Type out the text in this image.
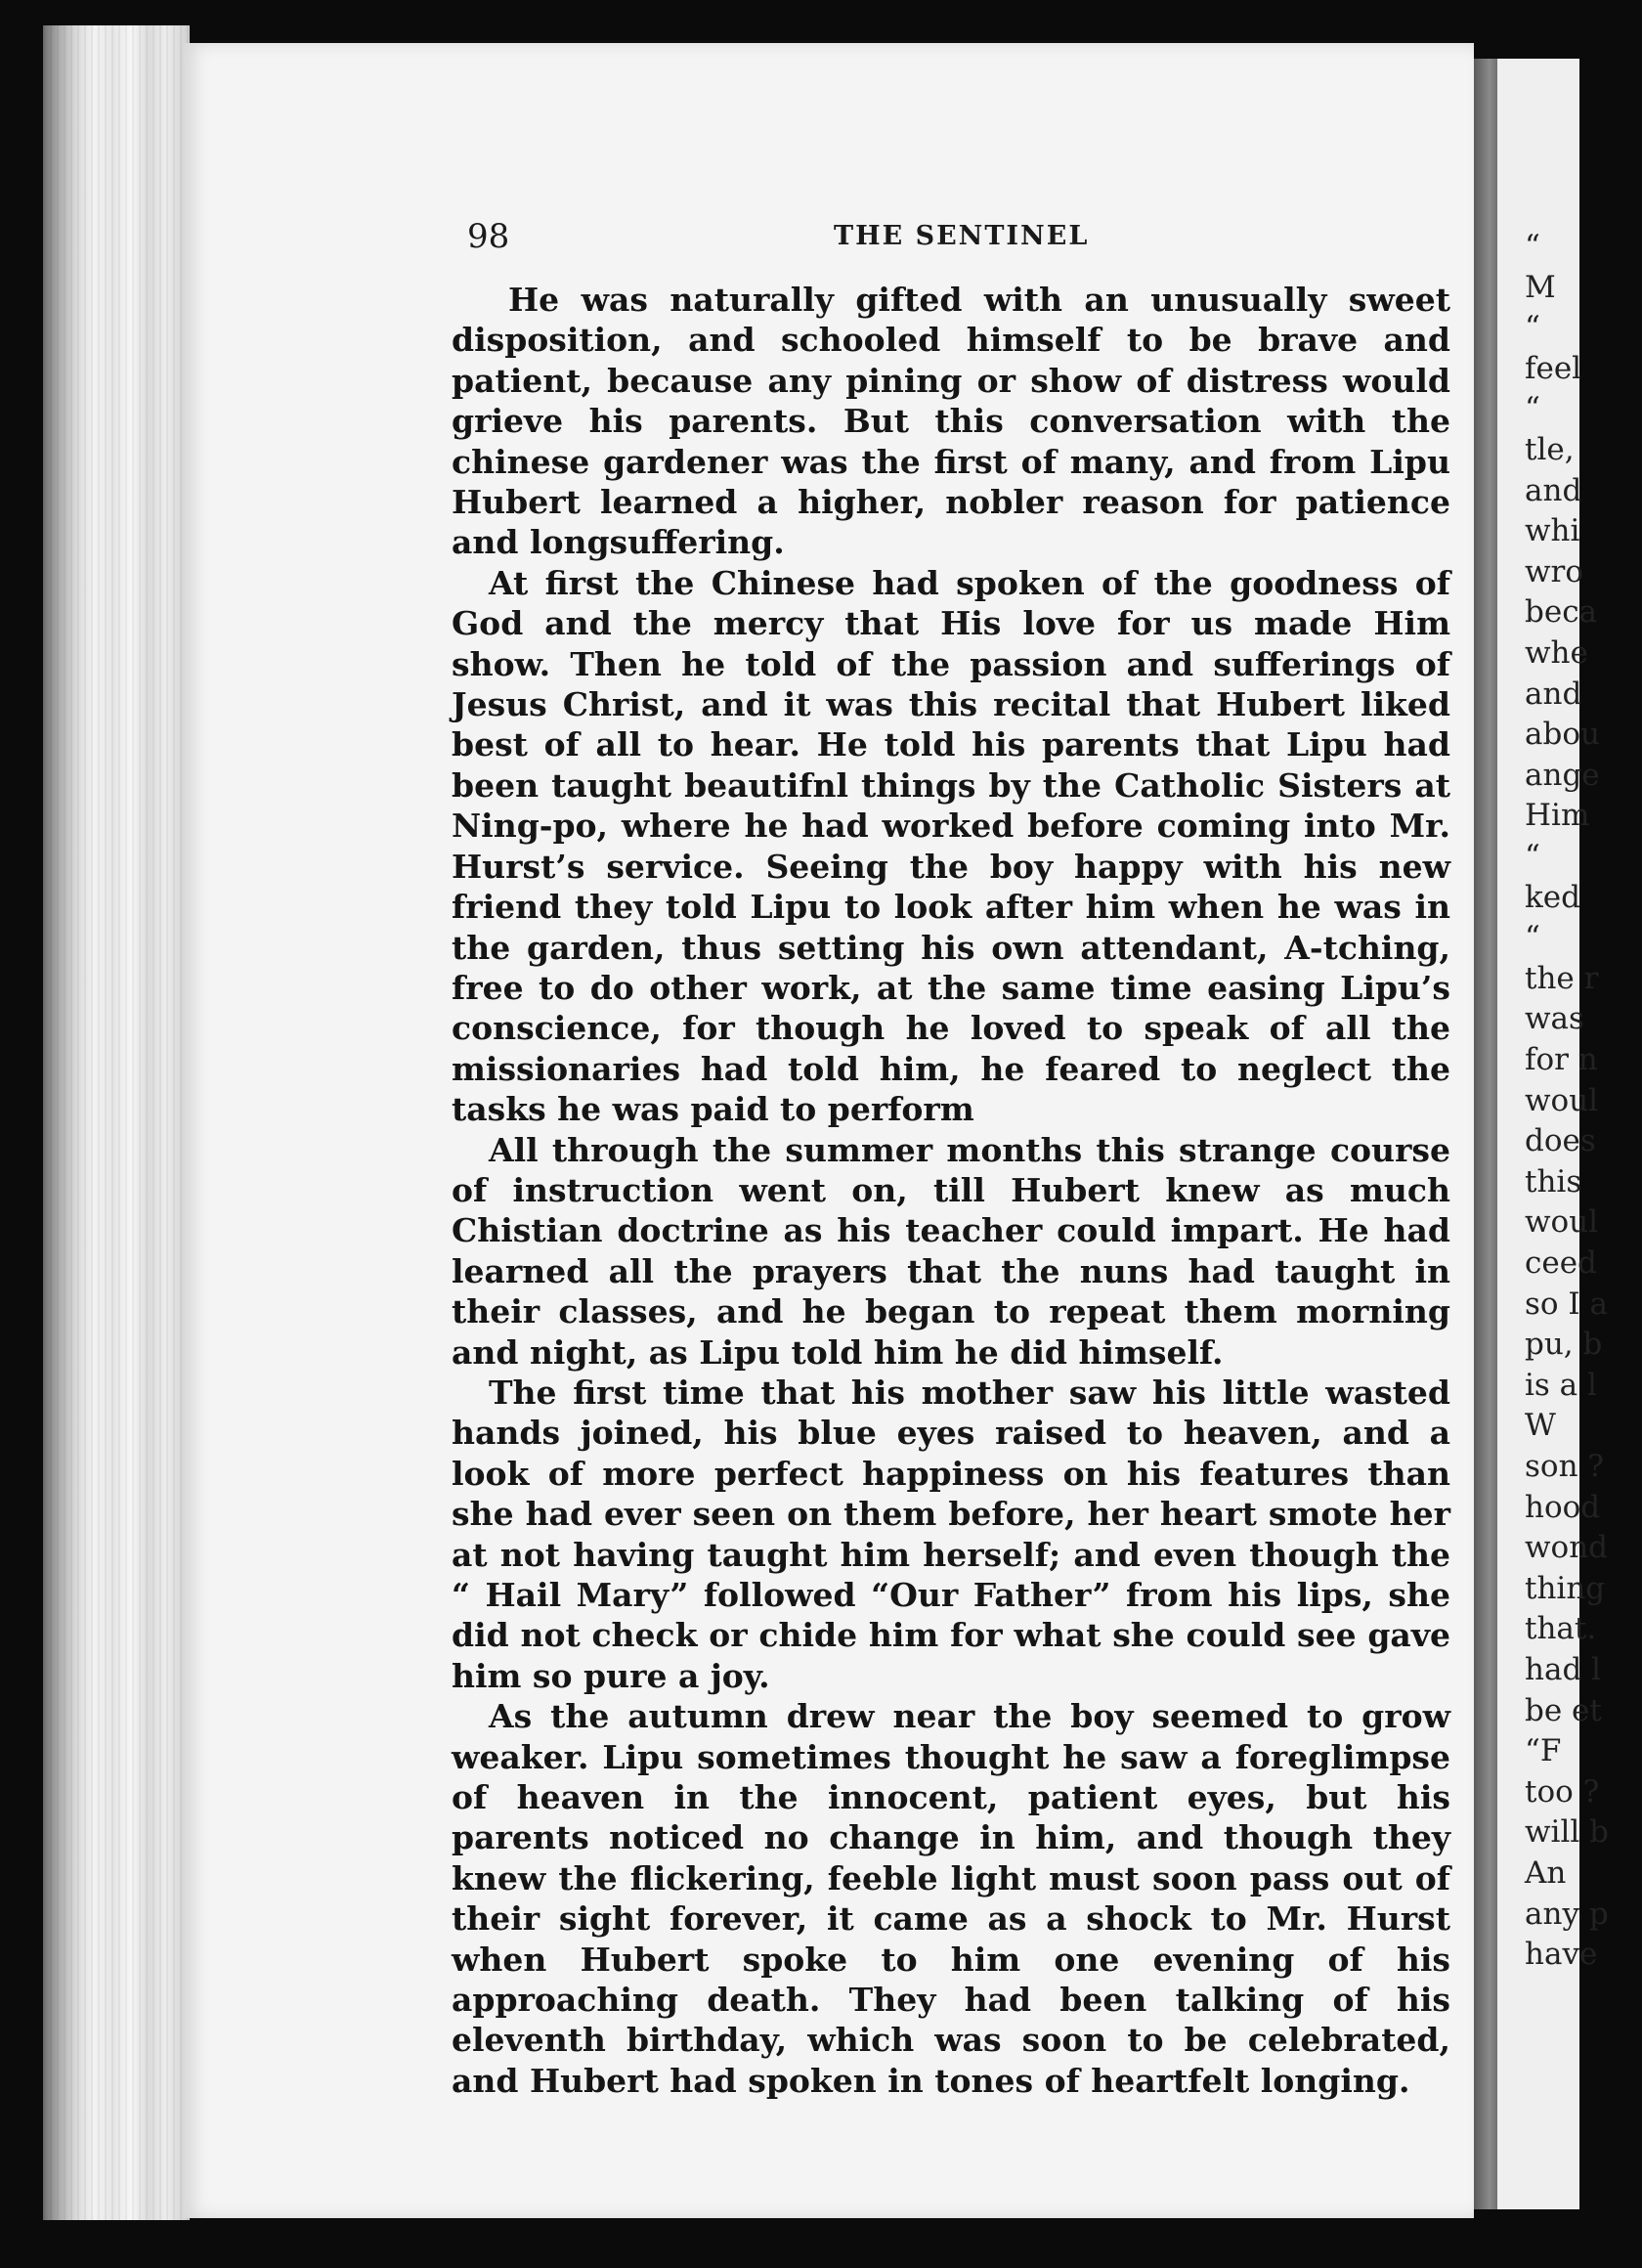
“
M
“
feel
“
tle,
and
whi
wro
beca
whe
and
abou
ange
Him
“
ked
“
the r
was
for n
woul
does
this
woul
ceed
so I a
pu, b
is a l
W
son ?
hood
wond
thing
that.
had l
be et
“F
too ?
will b
An
any p
have
98	THE SENTINEL

He was naturally gifted with an unusually sweet disposition, and schooled himself to be brave and patient, because any pining or show of distress would grieve his parents. But this conversation with the chinese gardener was the first of many, and from Lipu Hubert learned a higher, nobler reason for patience and longsuffering.

At first the Chinese had spoken of the goodness of God and the mercy that His love for us made Him show. Then he told of the passion and sufferings of Jesus Christ, and it was this recital that Hubert liked best of all to hear. He told his parents that Lipu had been taught beautifnl things by the Catholic Sisters at Ning-po, where he had worked before coming into Mr. Hurst’s service. Seeing the boy happy with his new friend they told Lipu to look after him when he was in the garden, thus setting his own attendant, A-tching, free to do other work, at the same time easing Lipu’s conscience, for though he loved to speak of all the missionaries had told him, he feared to neglect the tasks he was paid to perform

All through the summer months this strange course of instruction went on, till Hubert knew as much Chistian doctrine as his teacher could impart. He had learned all the prayers that the nuns had taught in their classes, and he began to repeat them morning and night, as Lipu told him he did himself.

The first time that his mother saw his little wasted hands joined, his blue eyes raised to heaven, and a look of more perfect happiness on his features than she had ever seen on them before, her heart smote her at not having taught him herself; and even though the “ Hail Mary” followed “Our Father” from his lips, she did not check or chide him for what she could see gave him so pure a joy.

As the autumn drew near the boy seemed to grow weaker. Lipu sometimes thought he saw a foreglimpse of heaven in the innocent, patient eyes, but his parents noticed no change in him, and though they knew the flickering, feeble light must soon pass out of their sight forever, it came as a shock to Mr. Hurst when Hubert spoke to him one evening of his approaching death. They had been talking of his eleventh birthday, which was soon to be celebrated, and Hubert had spoken in tones of heartfelt longing.
